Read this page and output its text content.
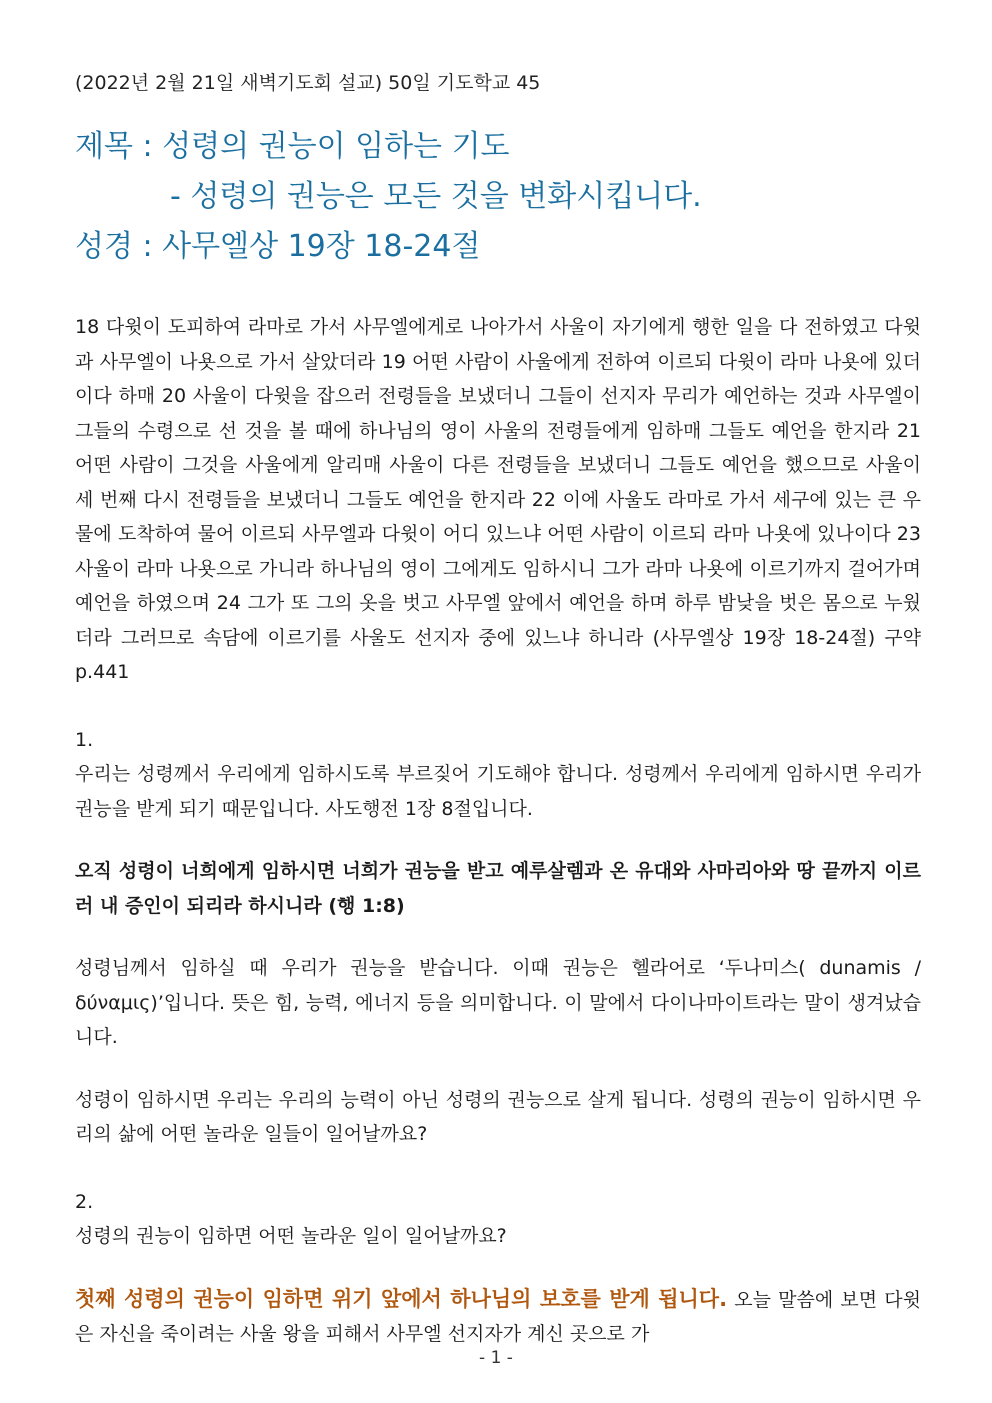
(2022년 2월 21일 새벽기도회 설교) 50일 기도학교 45
제목 : 성령의 권능이 임하는 기도
- 성령의 권능은 모든 것을 변화시킵니다.
성경 : 사무엘상 19장 18-24절

18 다윗이 도피하여 라마로 가서 사무엘에게로 나아가서 사울이 자기에게 행한 일을 다 전하였고 다윗과 사무엘이 나욧으로 가서 살았더라 19 어떤 사람이 사울에게 전하여 이르되 다윗이 라마 나욧에 있더이다 하매 20 사울이 다윗을 잡으러 전령들을 보냈더니 그들이 선지자 무리가 예언하는 것과 사무엘이 그들의 수령으로 선 것을 볼 때에 하나님의 영이 사울의 전령들에게 임하매 그들도 예언을 한지라 21 어떤 사람이 그것을 사울에게 알리매 사울이 다른 전령들을 보냈더니 그들도 예언을 했으므로 사울이 세 번째 다시 전령들을 보냈더니 그들도 예언을 한지라 22 이에 사울도 라마로 가서 세구에 있는 큰 우물에 도착하여 물어 이르되 사무엘과 다윗이 어디 있느냐 어떤 사람이 이르되 라마 나욧에 있나이다 23 사울이 라마 나욧으로 가니라 하나님의 영이 그에게도 임하시니 그가 라마 나욧에 이르기까지 걸어가며 예언을 하였으며 24 그가 또 그의 옷을 벗고 사무엘 앞에서 예언을 하며 하루 밤낮을 벗은 몸으로 누웠더라 그러므로 속담에 이르기를 사울도 선지자 중에 있느냐 하니라 (사무엘상 19장 18-24절) 구약 p.441

1.

우리는 성령께서 우리에게 임하시도록 부르짖어 기도해야 합니다. 성령께서 우리에게 임하시면 우리가 권능을 받게 되기 때문입니다. 사도행전 1장 8절입니다.

오직 성령이 너희에게 임하시면 너희가 권능을 받고 예루살렘과 온 유대와 사마리아와 땅 끝까지 이르러 내 증인이 되리라 하시니라 (행 1:8)

성령님께서 임하실 때 우리가 권능을 받습니다. 이때 권능은 헬라어로 ‘두나미스( dunamis / δύναμις)’입니다. 뜻은 힘, 능력, 에너지 등을 의미합니다. 이 말에서 다이나마이트라는 말이 생겨났습니다.

성령이 임하시면 우리는 우리의 능력이 아닌 성령의 권능으로 살게 됩니다. 성령의 권능이 임하시면 우리의 삶에 어떤 놀라운 일들이 일어날까요?

2.

성령의 권능이 임하면 어떤 놀라운 일이 일어날까요?

첫째 성령의 권능이 임하면 위기 앞에서 하나님의 보호를 받게 됩니다. 오늘 말씀에 보면 다윗은 자신을 죽이려는 사울 왕을 피해서 사무엘 선지자가 계신 곳으로 가

- 1 -
